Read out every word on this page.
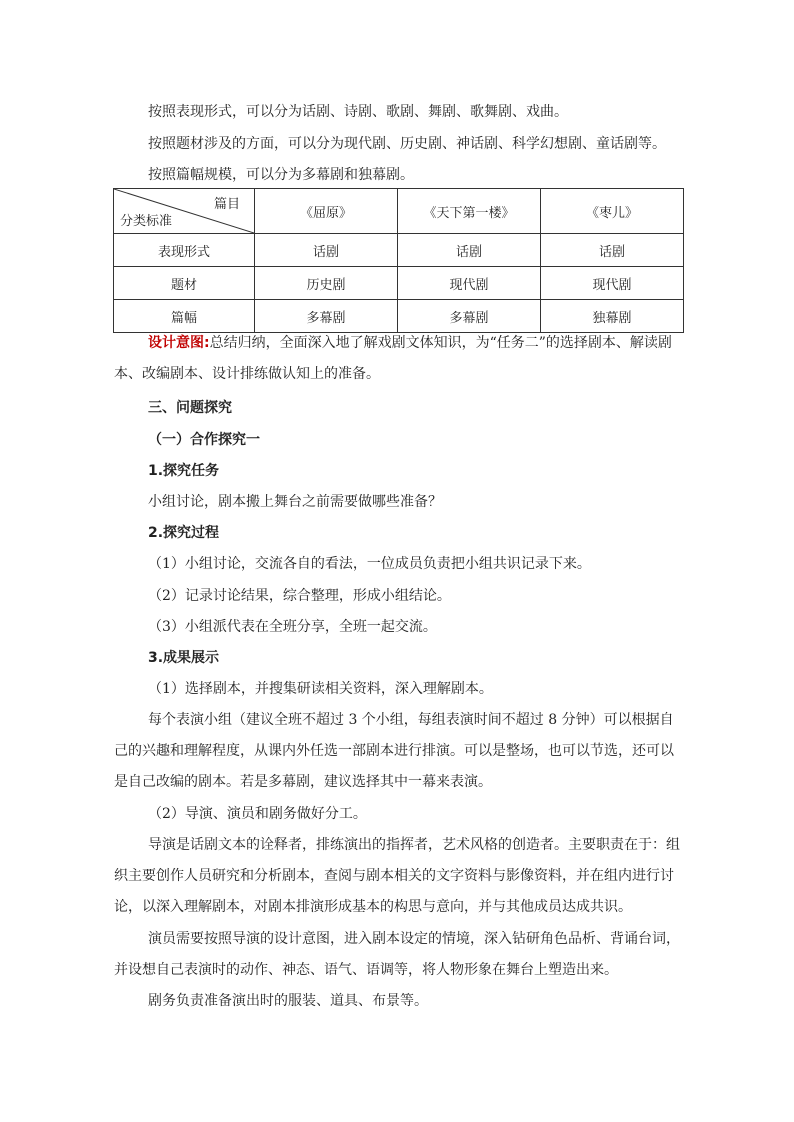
按照表现形式，可以分为话剧、诗剧、歌剧、舞剧、歌舞剧、戏曲。
按照题材涉及的方面，可以分为现代剧、历史剧、神话剧、科学幻想剧、童话剧等。
按照篇幅规模，可以分为多幕剧和独幕剧。
篇目
分类标准	《屈原》	《天下第一楼》	《枣儿》
表现形式	话剧	话剧	话剧
题材	历史剧	现代剧	现代剧
篇幅	多幕剧	多幕剧	独幕剧

设计意图:总结归纳，全面深入地了解戏剧文体知识，为“任务二”的选择剧本、解读剧本、改编剧本、设计排练做认知上的准备。

三、问题探究
（一）合作探究一
1.探究任务
小组讨论，剧本搬上舞台之前需要做哪些准备？
2.探究过程
（1）小组讨论，交流各自的看法，一位成员负责把小组共识记录下来。
（2）记录讨论结果，综合整理，形成小组结论。
（3）小组派代表在全班分享，全班一起交流。
3.成果展示
（1）选择剧本，并搜集研读相关资料，深入理解剧本。

每个表演小组（建议全班不超过 3 个小组，每组表演时间不超过 8 分钟）可以根据自己的兴趣和理解程度，从课内外任选一部剧本进行排演。可以是整场，也可以节选，还可以是自己改编的剧本。若是多幕剧，建议选择其中一幕来表演。

（2）导演、演员和剧务做好分工。

导演是话剧文本的诠释者，排练演出的指挥者，艺术风格的创造者。主要职责在于：组织主要创作人员研究和分析剧本，查阅与剧本相关的文字资料与影像资料，并在组内进行讨论，以深入理解剧本，对剧本排演形成基本的构思与意向，并与其他成员达成共识。

演员需要按照导演的设计意图，进入剧本设定的情境，深入钻研角色品析、背诵台词，并设想自己表演时的动作、神态、语气、语调等，将人物形象在舞台上塑造出来。

剧务负责准备演出时的服装、道具、布景等。
